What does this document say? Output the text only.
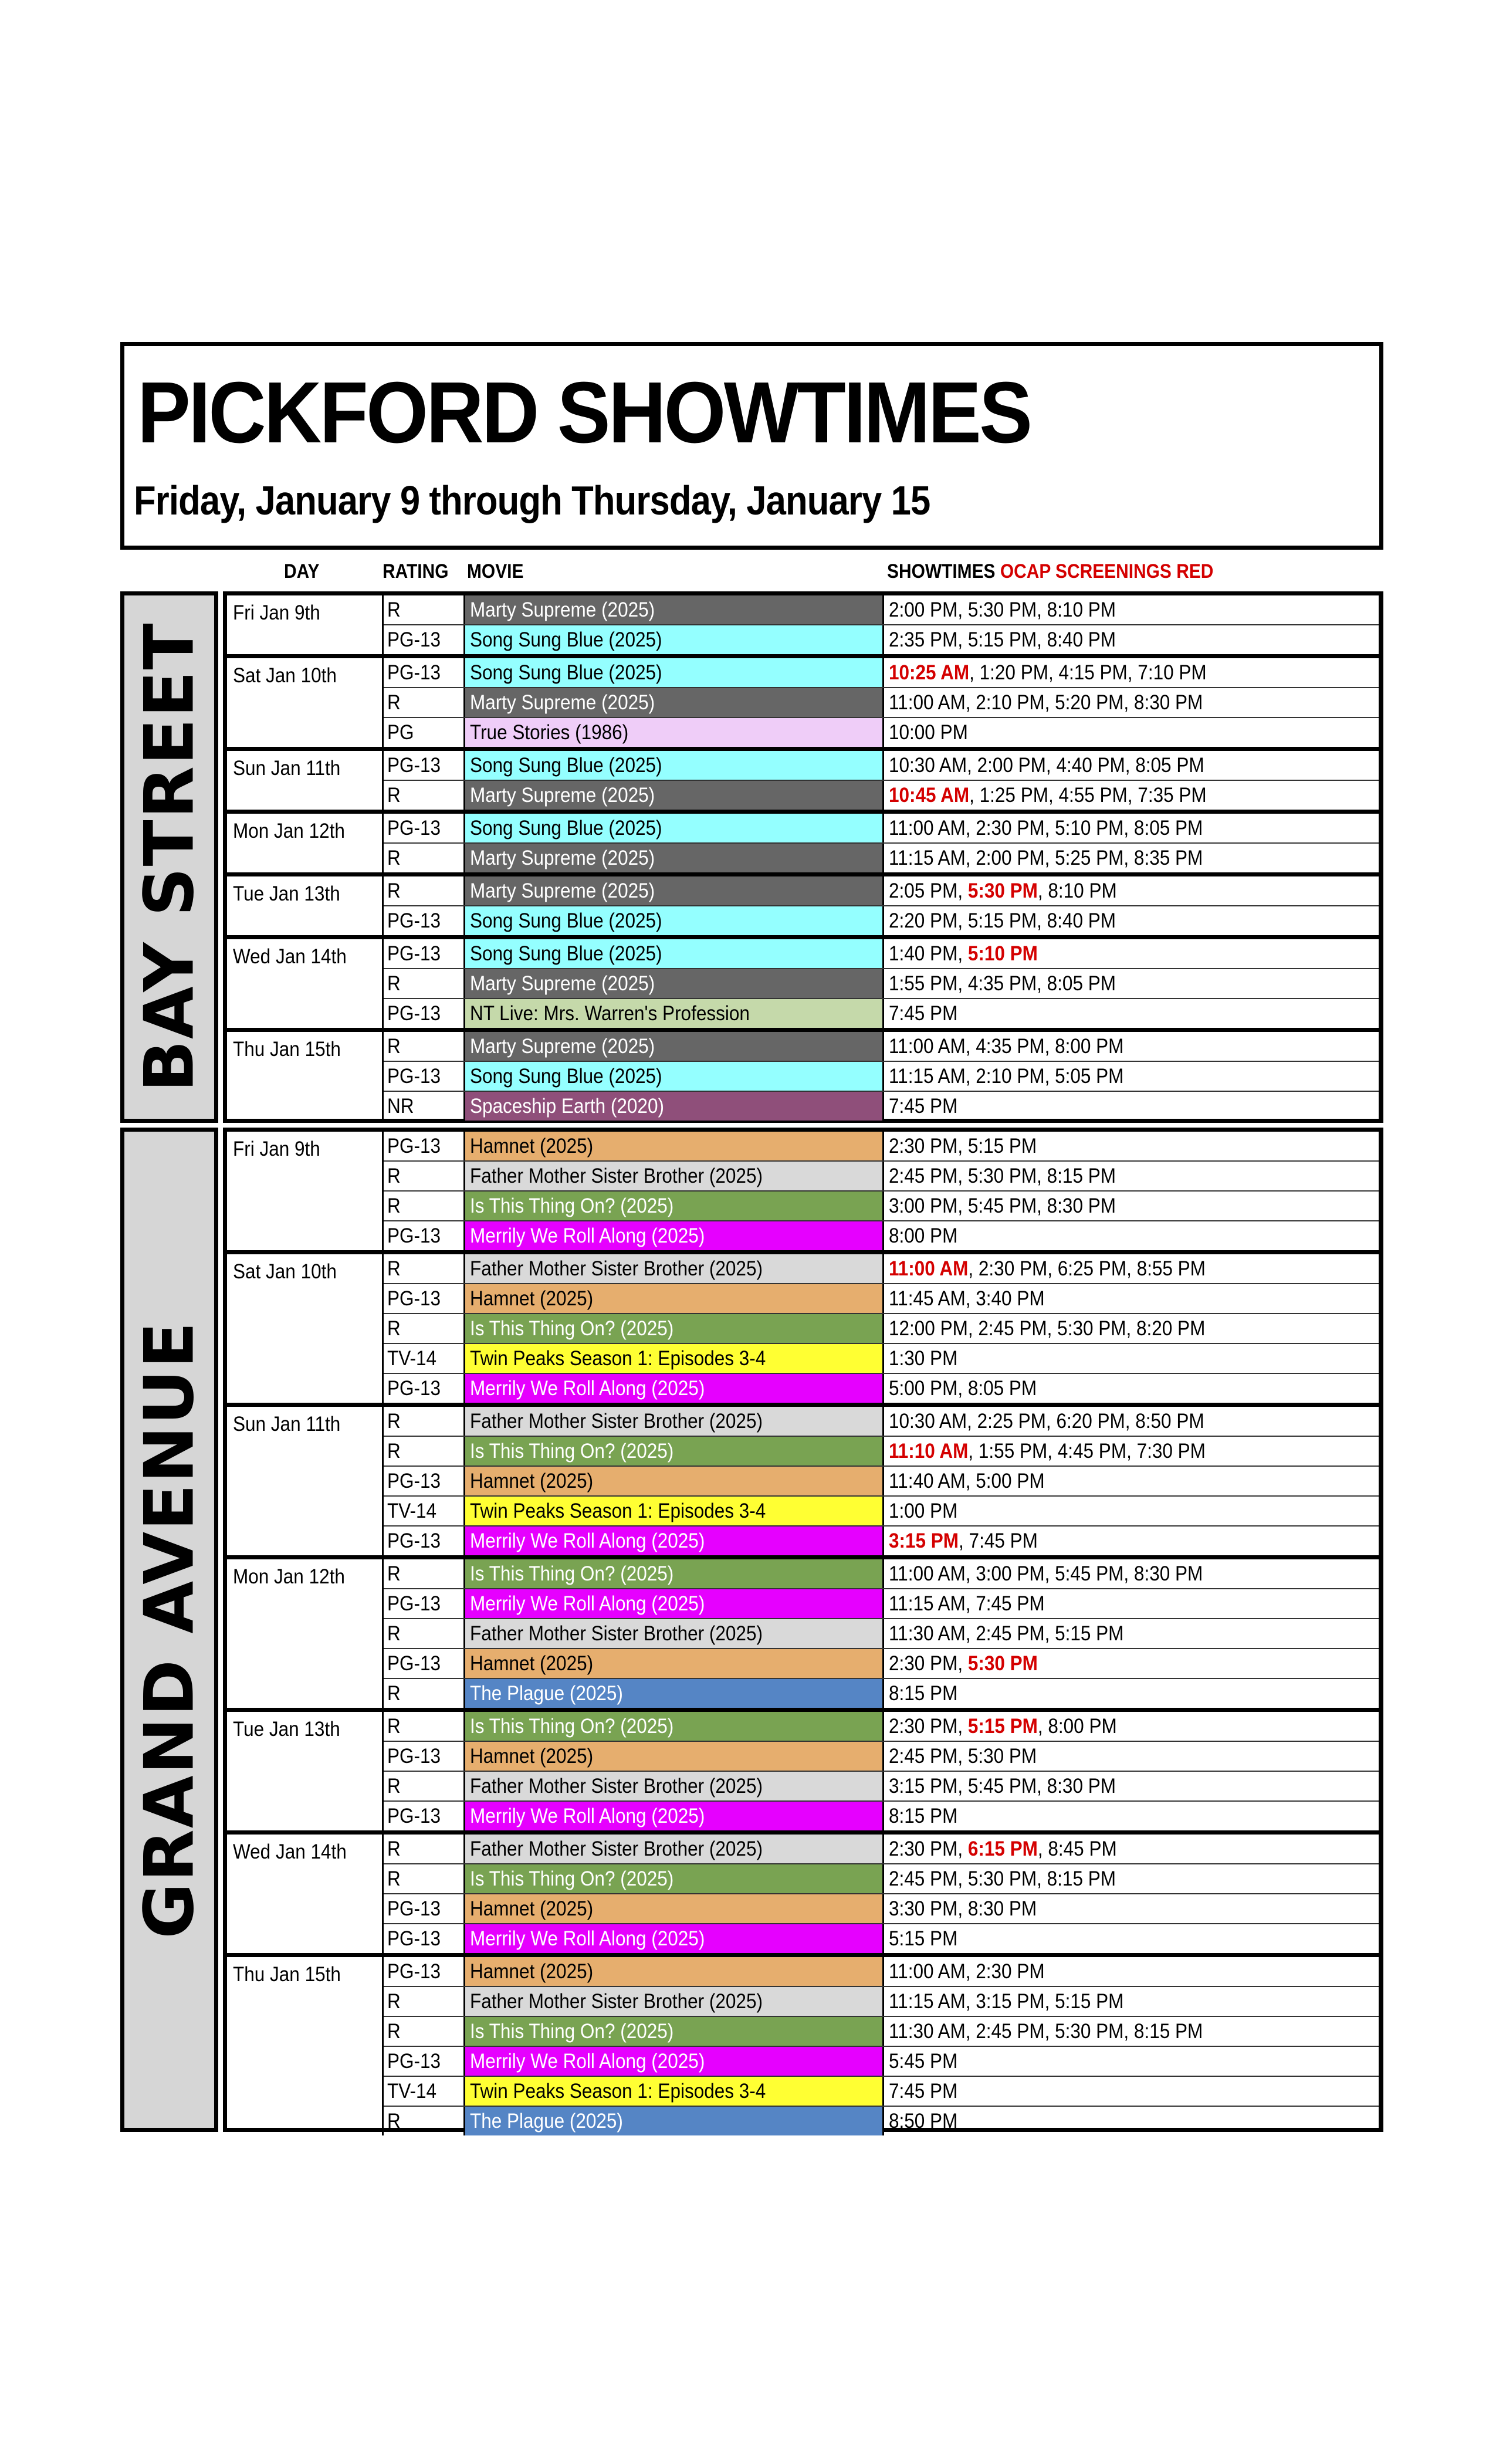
PICKFORD SHOWTIMES
Friday, January 9 through Thursday, January 15
DAY	RATING MOVIE	SHOWTIMES OCAP SCREENINGS RED
BAY STREET
Fri Jan 9th	R	Marty Supreme (2025)	2:00 PM, 5:30 PM, 8:10 PM
PG-13	Song Sung Blue (2025)	2:35 PM, 5:15 PM, 8:40 PM
Sat Jan 10th	PG-13	Song Sung Blue (2025)	10:25 AM, 1:20 PM, 4:15 PM, 7:10 PM
R	Marty Supreme (2025)	11:00 AM, 2:10 PM, 5:20 PM, 8:30 PM
PG	True Stories (1986)	10:00 PM
Sun Jan 11th	PG-13	Song Sung Blue (2025)	10:30 AM, 2:00 PM, 4:40 PM, 8:05 PM
R	Marty Supreme (2025)	10:45 AM, 1:25 PM, 4:55 PM, 7:35 PM
Mon Jan 12th	PG-13	Song Sung Blue (2025)	11:00 AM, 2:30 PM, 5:10 PM, 8:05 PM
R	Marty Supreme (2025)	11:15 AM, 2:00 PM, 5:25 PM, 8:35 PM
Tue Jan 13th	R	Marty Supreme (2025)	2:05 PM, 5:30 PM, 8:10 PM
PG-13	Song Sung Blue (2025)	2:20 PM, 5:15 PM, 8:40 PM
Wed Jan 14th	PG-13	Song Sung Blue (2025)	1:40 PM, 5:10 PM
R	Marty Supreme (2025)	1:55 PM, 4:35 PM, 8:05 PM
PG-13	NT Live: Mrs. Warren's Profession	7:45 PM
Thu Jan 15th	R	Marty Supreme (2025)	11:00 AM, 4:35 PM, 8:00 PM
PG-13	Song Sung Blue (2025)	11:15 AM, 2:10 PM, 5:05 PM
NR	Spaceship Earth (2020)	7:45 PM
GRAND AVENUE
Fri Jan 9th	PG-13	Hamnet (2025)	2:30 PM, 5:15 PM
R	Father Mother Sister Brother (2025)	2:45 PM, 5:30 PM, 8:15 PM
R	Is This Thing On? (2025)	3:00 PM, 5:45 PM, 8:30 PM
PG-13	Merrily We Roll Along (2025)	8:00 PM
Sat Jan 10th	R	Father Mother Sister Brother (2025)	11:00 AM, 2:30 PM, 6:25 PM, 8:55 PM
PG-13	Hamnet (2025)	11:45 AM, 3:40 PM
R	Is This Thing On? (2025)	12:00 PM, 2:45 PM, 5:30 PM, 8:20 PM
TV-14	Twin Peaks Season 1: Episodes 3-4	1:30 PM
PG-13	Merrily We Roll Along (2025)	5:00 PM, 8:05 PM
Sun Jan 11th	R	Father Mother Sister Brother (2025)	10:30 AM, 2:25 PM, 6:20 PM, 8:50 PM
R	Is This Thing On? (2025)	11:10 AM, 1:55 PM, 4:45 PM, 7:30 PM
PG-13	Hamnet (2025)	11:40 AM, 5:00 PM
TV-14	Twin Peaks Season 1: Episodes 3-4	1:00 PM
PG-13	Merrily We Roll Along (2025)	3:15 PM, 7:45 PM
Mon Jan 12th	R	Is This Thing On? (2025)	11:00 AM, 3:00 PM, 5:45 PM, 8:30 PM
PG-13	Merrily We Roll Along (2025)	11:15 AM, 7:45 PM
R	Father Mother Sister Brother (2025)	11:30 AM, 2:45 PM, 5:15 PM
PG-13	Hamnet (2025)	2:30 PM, 5:30 PM
R	The Plague (2025)	8:15 PM
Tue Jan 13th	R	Is This Thing On? (2025)	2:30 PM, 5:15 PM, 8:00 PM
PG-13	Hamnet (2025)	2:45 PM, 5:30 PM
R	Father Mother Sister Brother (2025)	3:15 PM, 5:45 PM, 8:30 PM
PG-13	Merrily We Roll Along (2025)	8:15 PM
Wed Jan 14th	R	Father Mother Sister Brother (2025)	2:30 PM, 6:15 PM, 8:45 PM
R	Is This Thing On? (2025)	2:45 PM, 5:30 PM, 8:15 PM
PG-13	Hamnet (2025)	3:30 PM, 8:30 PM
PG-13	Merrily We Roll Along (2025)	5:15 PM
Thu Jan 15th	PG-13	Hamnet (2025)	11:00 AM, 2:30 PM
R	Father Mother Sister Brother (2025)	11:15 AM, 3:15 PM, 5:15 PM
R	Is This Thing On? (2025)	11:30 AM, 2:45 PM, 5:30 PM, 8:15 PM
PG-13	Merrily We Roll Along (2025)	5:45 PM
TV-14	Twin Peaks Season 1: Episodes 3-4	7:45 PM
R	The Plague (2025)	8:50 PM
